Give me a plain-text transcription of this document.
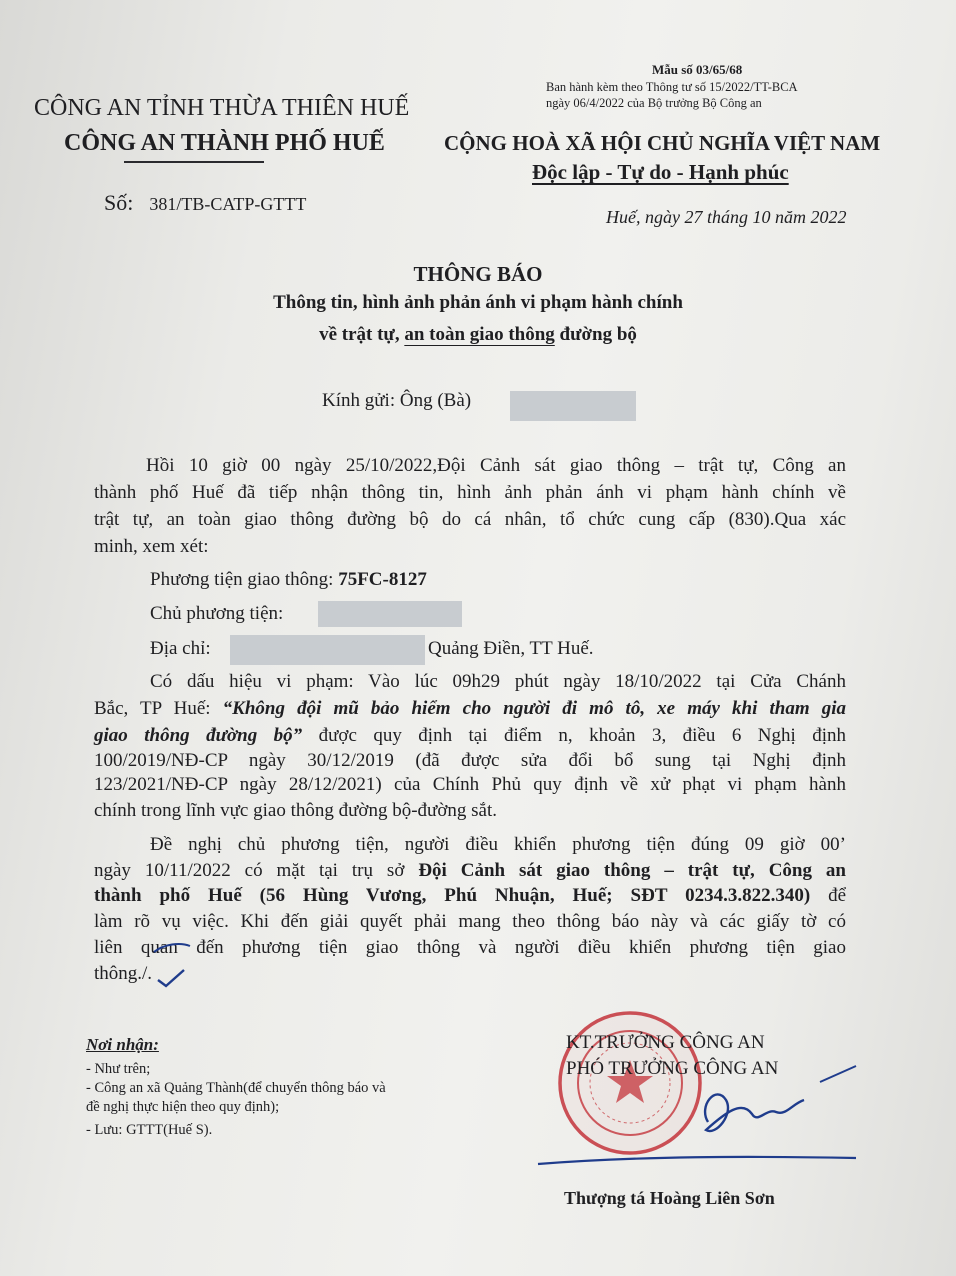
Mẫu số 03/65/68
Ban hành kèm theo Thông tư số 15/2022/TT-BCA
ngày 06/4/2022 của Bộ trưởng Bộ Công an
CÔNG AN TỈNH THỪA THIÊN HUẾ
CÔNG AN THÀNH PHỐ HUẾ	CỘNG HOÀ XÃ HỘI CHỦ NGHĨA VIỆT NAM
Độc lập - Tự do - Hạnh phúc
Số: 381/TB-CATP-GTTT
Huế, ngày 27 tháng 10 năm 2022
THÔNG BÁO
Thông tin, hình ảnh phản ánh vi phạm hành chính
về trật tự, an toàn giao thông đường bộ
Kính gửi: Ông (Bà)
Hồi 10 giờ 00 ngày 25/10/2022,Đội Cảnh sát giao thông – trật tự, Công an
thành phố Huế đã tiếp nhận thông tin, hình ảnh phản ánh vi phạm hành chính về
trật tự, an toàn giao thông đường bộ do cá nhân, tổ chức cung cấp (830).Qua xác
minh, xem xét:
Phương tiện giao thông: 75FC-8127
Chủ phương tiện:
Địa chỉ:	Quảng Điền, TT Huế.
Có dấu hiệu vi phạm: Vào lúc 09h29 phút ngày 18/10/2022 tại Cửa Chánh
Bắc, TP Huế: “Không đội mũ bảo hiểm cho người đi mô tô, xe máy khi tham gia
giao thông đường bộ” được quy định tại điểm n, khoản 3, điều 6 Nghị định
100/2019/NĐ-CP ngày 30/12/2019 (đã được sửa đổi bổ sung tại Nghị định
123/2021/NĐ-CP ngày 28/12/2021) của Chính Phủ quy định về xử phạt vi phạm hành
chính trong lĩnh vực giao thông đường bộ-đường sắt.
Đề nghị chủ phương tiện, người điều khiển phương tiện đúng 09 giờ 00’
ngày 10/11/2022 có mặt tại trụ sở Đội Cảnh sát giao thông – trật tự, Công an
thành phố Huế (56 Hùng Vương, Phú Nhuận, Huế; SĐT 0234.3.822.340) để
làm rõ vụ việc. Khi đến giải quyết phải mang theo thông báo này và các giấy tờ có
liên quan đến phương tiện giao thông và người điều khiển phương tiện giao
thông./.
Nơi nhận:
- Như trên;
- Công an xã Quảng Thành(để chuyển thông báo và
đề nghị thực hiện theo quy định);
- Lưu: GTTT(Huế S).
KT.TRƯỞNG CÔNG AN
PHÓ TRƯỞNG CÔNG AN
Thượng tá Hoàng Liên Sơn
